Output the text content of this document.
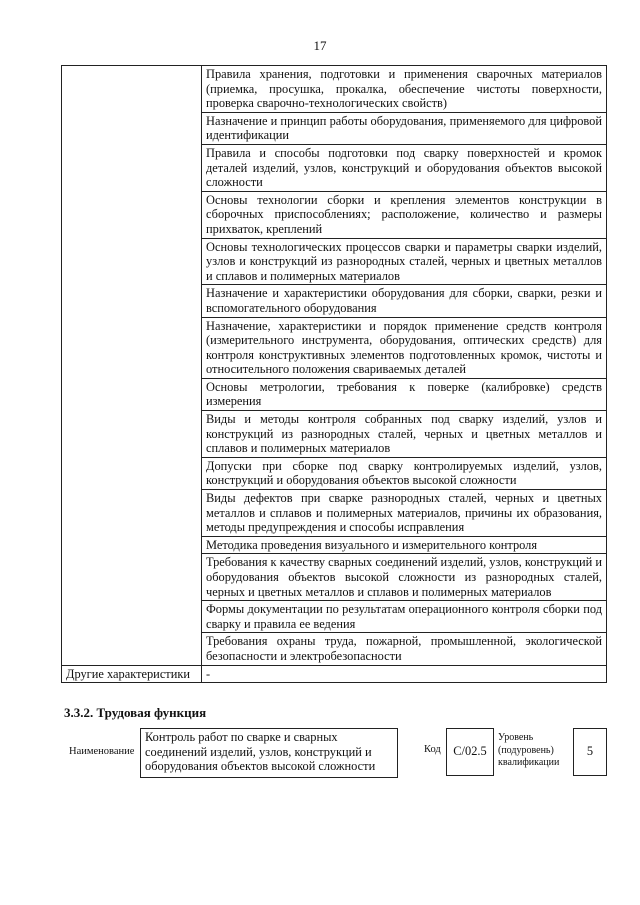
17
	Правила хранения, подготовки и применения сварочных материалов (приемка, просушка, прокалка, обеспечение чистоты поверхности, проверка сварочно-технологических свойств)
	Назначение и принцип работы оборудования, применяемого для цифровой идентификации
	Правила и способы подготовки под сварку поверхностей и кромок деталей изделий, узлов, конструкций и оборудования объектов высокой сложности
	Основы технологии сборки и крепления элементов конструкции в сборочных приспособлениях; расположение, количество и размеры прихваток, креплений
	Основы технологических процессов сварки и параметры сварки изделий, узлов и конструкций из разнородных сталей, черных и цветных металлов и сплавов и полимерных материалов
	Назначение и характеристики оборудования для сборки, сварки, резки и вспомогательного оборудования
	Назначение, характеристики и порядок применение средств контроля (измерительного инструмента, оборудования, оптических средств) для контроля конструктивных элементов подготовленных кромок, чистоты и относительного положения свариваемых деталей
	Основы метрологии, требования к поверке (калибровке) средств измерения
	Виды и методы контроля собранных под сварку изделий, узлов и конструкций из разнородных сталей, черных и цветных металлов и сплавов и полимерных материалов
	Допуски при сборке под сварку контролируемых изделий, узлов, конструкций и оборудования объектов высокой сложности
	Виды дефектов при сварке разнородных сталей, черных и цветных металлов и сплавов и полимерных материалов, причины их образования, методы предупреждения и способы исправления
	Методика проведения визуального и измерительного контроля
	Требования к качеству сварных соединений изделий, узлов, конструкций и оборудования объектов высокой сложности из разнородных сталей, черных и цветных металлов и сплавов и полимерных материалов
	Формы документации по результатам операционного контроля сборки под сварку и правила ее ведения
	Требования охраны труда, пожарной, промышленной, экологической безопасности и электробезопасности
Другие характеристики	-
3.3.2. Трудовая функция
Наименование
Контроль работ по сварке и сварных соединений изделий, узлов, конструкций и оборудования объектов высокой сложности
Код	С/02.5
Уровень (подуровень) квалификации
5
